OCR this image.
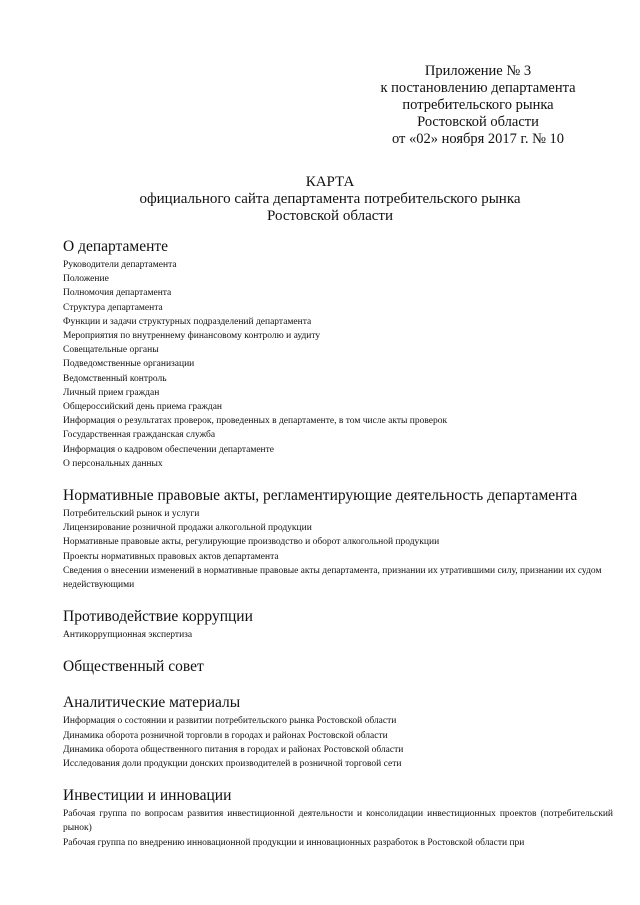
Приложение № 3
к постановлению департамента
потребительского рынка
Ростовской области
от «02» ноября 2017 г. № 10
КАРТА
официального сайта департамента потребительского рынка
Ростовской области
О департаменте
Руководители департамента
Положение
Полномочия департамента
Структура департамента
Функции и задачи структурных подразделений департамента
Мероприятия по внутреннему финансовому контролю и аудиту
Совещательные органы
Подведомственные организации
Ведомственный контроль
Личный прием граждан
Общероссийский день приема граждан
Информация о результатах проверок, проведенных в департаменте, в том числе акты проверок
Государственная гражданская служба
Информация о кадровом обеспечении департаменте
О персональных данных
Нормативные правовые акты, регламентирующие деятельность департамента
Потребительский рынок и услуги
Лицензирование розничной продажи алкогольной продукции
Нормативные правовые акты, регулирующие производство и оборот алкогольной продукции
Проекты нормативных правовых актов департамента
Сведения о внесении изменений в нормативные правовые акты департамента, признании их утратившими силу, признании их судом недействующими
Противодействие коррупции
Антикоррупционная экспертиза
Общественный совет
Аналитические материалы
Информация о состоянии и развитии потребительского рынка Ростовской области
Динамика оборота розничной торговли в городах и районах Ростовской области
Динамика оборота общественного питания в городах и районах Ростовской области
Исследования доли продукции донских производителей в розничной торговой сети
Инвестиции и инновации
Рабочая группа по вопросам развития инвестиционной деятельности и консолидации инвестиционных проектов (потребительский рынок)
Рабочая группа по внедрению инновационной продукции и инновационных разработок в Ростовской области при
